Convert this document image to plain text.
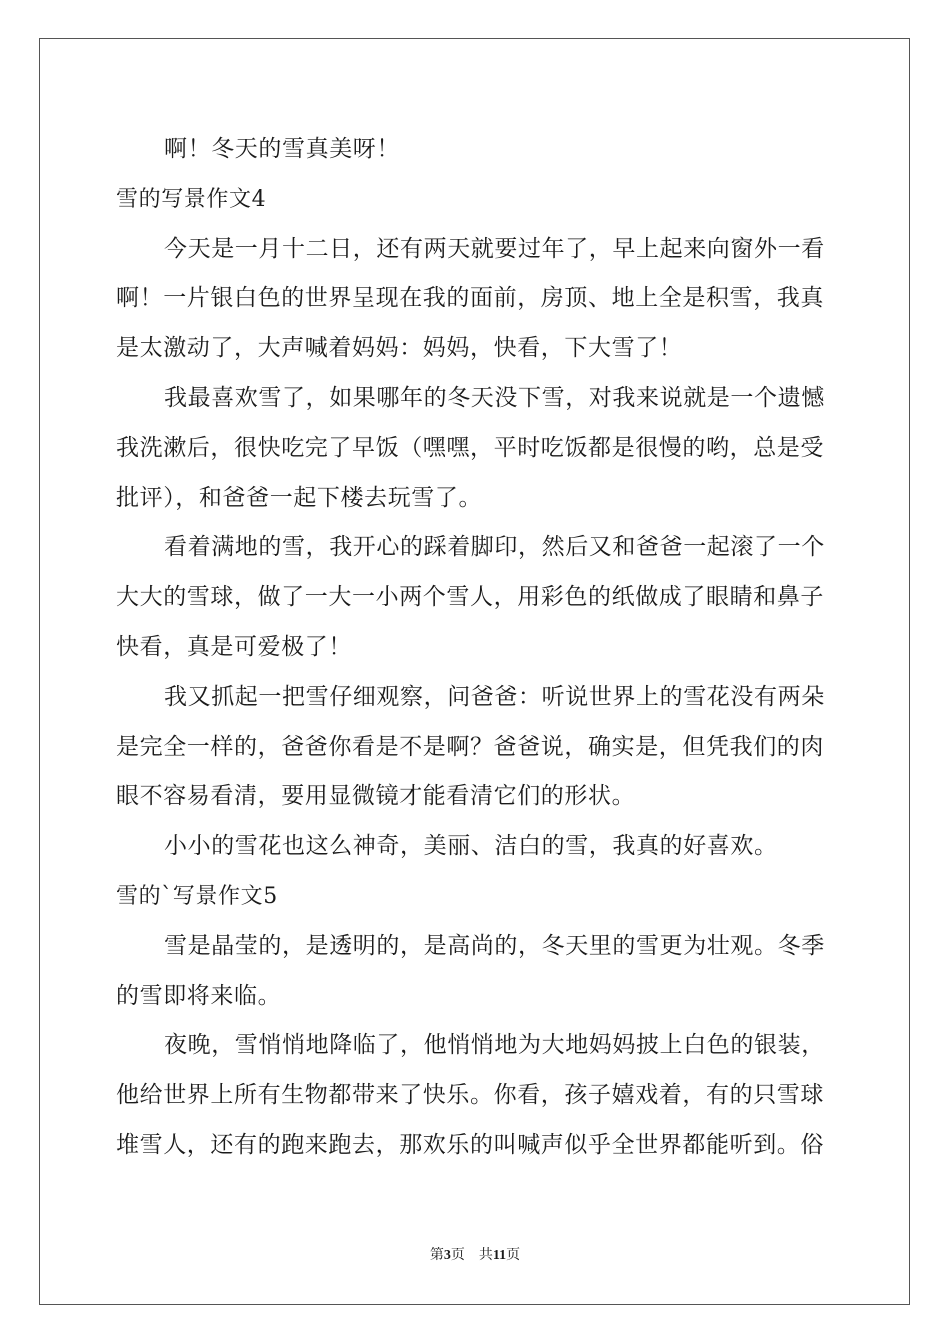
啊！冬天的雪真美呀！
雪的写景作文4
今天是一月十二日，还有两天就要过年了，早上起来向窗外一看
啊！一片银白色的世界呈现在我的面前，房顶、地上全是积雪，我真
是太激动了，大声喊着妈妈：妈妈，快看，下大雪了！
我最喜欢雪了，如果哪年的冬天没下雪，对我来说就是一个遗憾
我洗漱后，很快吃完了早饭（嘿嘿，平时吃饭都是很慢的哟，总是受
批评），和爸爸一起下楼去玩雪了。
看着满地的雪，我开心的踩着脚印，然后又和爸爸一起滚了一个
大大的雪球，做了一大一小两个雪人，用彩色的纸做成了眼睛和鼻子
快看，真是可爱极了！
我又抓起一把雪仔细观察，问爸爸：听说世界上的雪花没有两朵
是完全一样的，爸爸你看是不是啊？爸爸说，确实是，但凭我们的肉
眼不容易看清，要用显微镜才能看清它们的形状。
小小的雪花也这么神奇，美丽、洁白的雪，我真的好喜欢。
雪的`写景作文5
雪是晶莹的，是透明的，是高尚的，冬天里的雪更为壮观。冬季
的雪即将来临。
夜晚，雪悄悄地降临了，他悄悄地为大地妈妈披上白色的银装，
他给世界上所有生物都带来了快乐。你看，孩子嬉戏着，有的只雪球
堆雪人，还有的跑来跑去，那欢乐的叫喊声似乎全世界都能听到。俗
第3页 共11页
